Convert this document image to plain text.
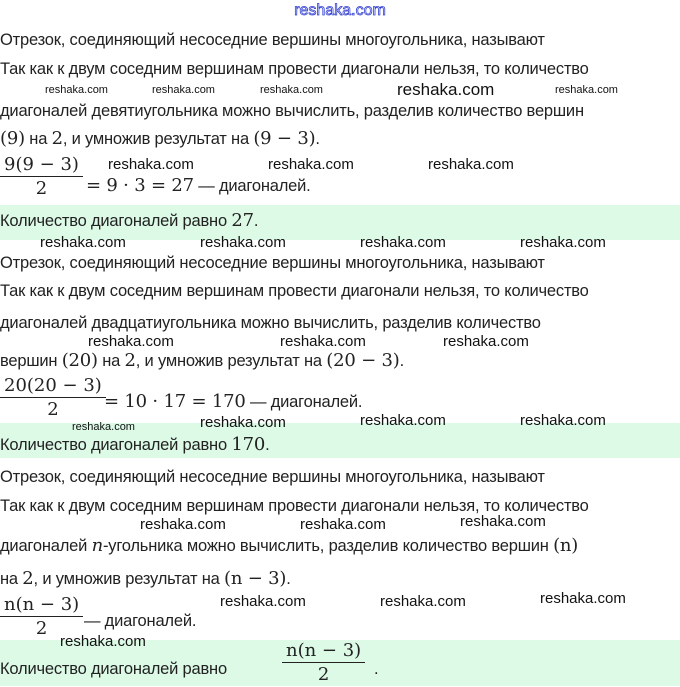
reshaka.com
Отрезок, соединяющий несоседние вершины многоугольника, называют
Так как к двум соседним вершинам провести диагонали нельзя, то количество
диагоналей девятиугольника можно вычислить, разделив количество вершин
(9) на 2, и умножив результат на (9 − 3).
$\frac{9(9 - 3)}{2} = 9 \cdot 3 = 27$ — диагоналей.
Количество диагоналей равно 27.
Отрезок, соединяющий несоседние вершины многоугольника, называют
Так как к двум соседним вершинам провести диагонали нельзя, то количество
диагоналей двадцатиугольника можно вычислить, разделив количество
вершин (20) на 2, и умножив результат на (20 − 3).
$\frac{20(20 - 3)}{2}$
= 10 · 17 = 170 — диагоналей.
Количество диагоналей равно 170.
Отрезок, соединяющий несоседние вершины многоугольника, называют
Так как к двум соседним вершинам провести диагонали нельзя, то количество
диагоналей n-угольника можно вычислить, разделив количество вершин (n)
на 2, и умножив результат на (n − 3).
$\frac{n(n - 3)}{2}$ — диагоналей.
Количество диагоналей равно	$\frac{n(n - 3)}{2}$ .
reshaka.com	reshaka.com	reshaka.com	reshaka.com	reshaka.com
reshaka.com	reshaka.com	reshaka.com
reshaka.com	reshaka.com	reshaka.com	reshaka.com
reshaka.com	reshaka.com	reshaka.com
reshaka.com	reshaka.com	reshaka.com	reshaka.com
reshaka.com	reshaka.com	reshaka.com
reshaka.com	reshaka.com	reshaka.com
reshaka.com
